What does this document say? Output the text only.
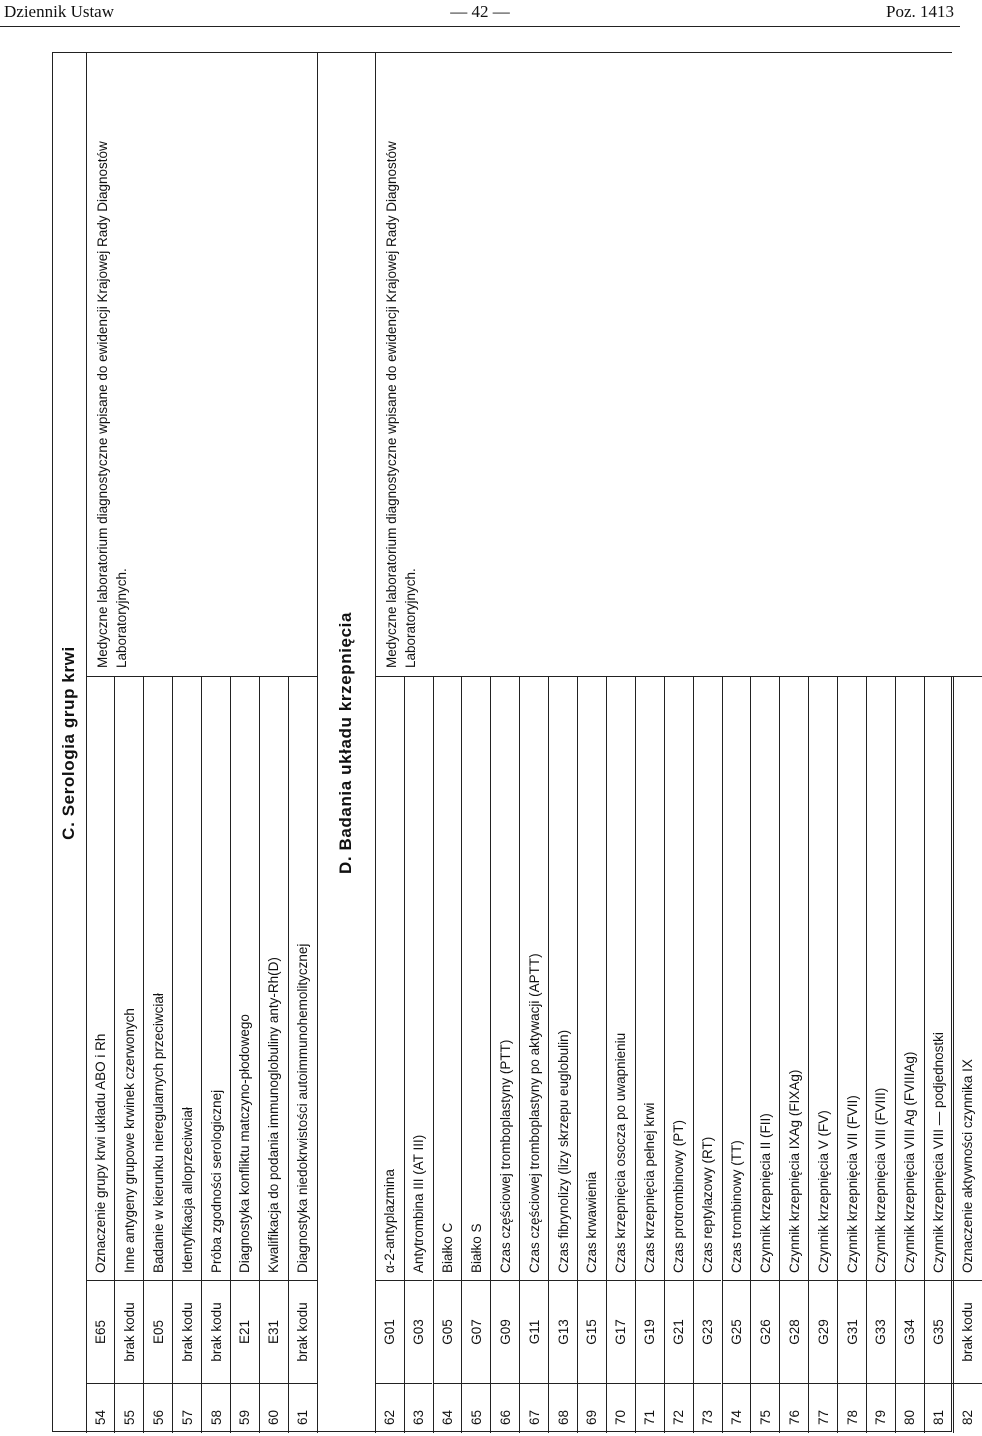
Dziennik Ustaw	— 42 —	Poz. 1413
C. Serologia grup krwi
54
E65
Oznaczenie grupy krwi układu ABO i Rh
55
brak kodu
Inne antygeny grupowe krwinek czerwonych
56
E05
Badanie w kierunku nieregularnych przeciwciał
57
brak kodu
Identyfikacja alloprzeciwciał
58
brak kodu
Próba zgodności serologicznej
59
E21
Diagnostyka konfliktu matczyno-płodowego
60
E31
Kwalifikacja do podania immunoglobuliny anty-Rh(D)
61
brak kodu
Diagnostyka niedokrwistości autoimmunohemolitycznej
Medyczne laboratorium diagnostyczne wpisane do ewidencji Krajowej Rady Diagnostów Laboratoryjnych.	D. Badania układu krzepnięcia
62
G01
α-2-antyplazmina
63
G03
Antytrombina III (AT III)
64
G05
Białko C
65
G07
Białko S
66
G09
Czas częściowej tromboplastyny (PTT)
67
G11
Czas częściowej tromboplastyny po aktywacji (APTT)
68
G13
Czas fibrynolizy (lizy skrzepu euglobulin)
69
G15
Czas krwawienia
70
G17
Czas krzepnięcia osocza po uwapnieniu
71
G19
Czas krzepnięcia pełnej krwi
72
G21
Czas protrombinowy (PT)
73
G23
Czas reptylazowy (RT)
74
G25
Czas trombinowy (TT)
75
G26
Czynnik krzepnięcia II (FII)
76
G28
Czynnik krzepnięcia IXAg (FIXAg)
77
G29
Czynnik krzepnięcia V (FV)
78
G31
Czynnik krzepnięcia VII (FVII)
79
G33
Czynnik krzepnięcia VIII (FVIII)
80
G34
Czynnik krzepnięcia VIII Ag (FVIIIAg)
81
G35
Czynnik krzepnięcia VIII — podjednostki
82
brak kodu
Oznaczenie aktywności czynnika IX
Medyczne laboratorium diagnostyczne wpisane do ewidencji Krajowej Rady Diagnostów Laboratoryjnych.
